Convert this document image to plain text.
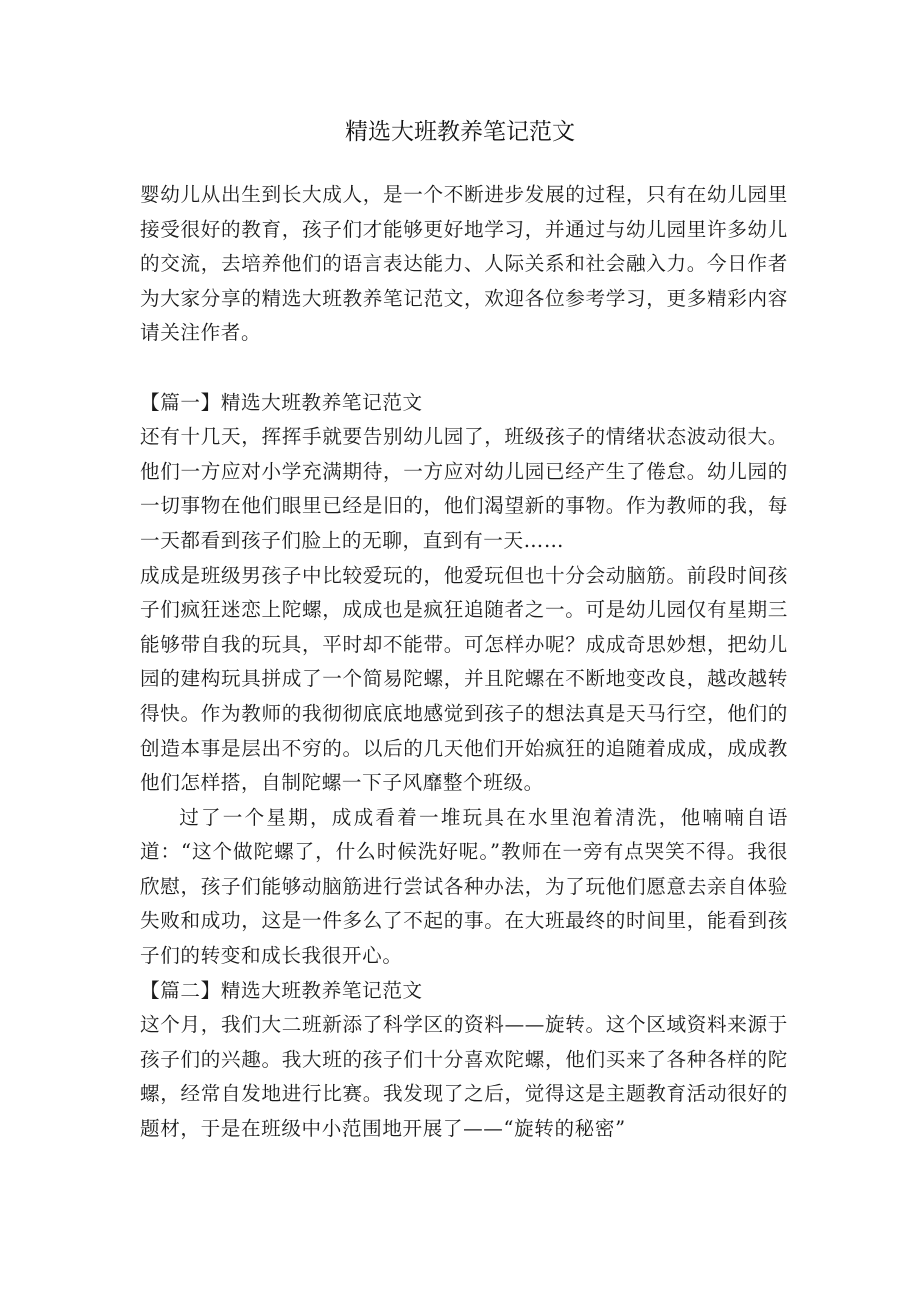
精选大班教养笔记范文

婴幼儿从出生到长大成人，是一个不断进步发展的过程，只有在幼儿园里接受很好的教育，孩子们才能够更好地学习，并通过与幼儿园里许多幼儿的交流，去培养他们的语言表达能力、人际关系和社会融入力。今日作者为大家分享的精选大班教养笔记范文，欢迎各位参考学习，更多精彩内容请关注作者。

【篇一】精选大班教养笔记范文

还有十几天，挥挥手就要告别幼儿园了，班级孩子的情绪状态波动很大。他们一方应对小学充满期待，一方应对幼儿园已经产生了倦怠。幼儿园的一切事物在他们眼里已经是旧的，他们渴望新的事物。作为教师的我，每一天都看到孩子们脸上的无聊，直到有一天……

成成是班级男孩子中比较爱玩的，他爱玩但也十分会动脑筋。前段时间孩子们疯狂迷恋上陀螺，成成也是疯狂追随者之一。可是幼儿园仅有星期三能够带自我的玩具，平时却不能带。可怎样办呢？成成奇思妙想，把幼儿园的建构玩具拼成了一个简易陀螺，并且陀螺在不断地变改良，越改越转得快。作为教师的我彻彻底底地感觉到孩子的想法真是天马行空，他们的创造本事是层出不穷的。以后的几天他们开始疯狂的追随着成成，成成教他们怎样搭，自制陀螺一下子风靡整个班级。

过了一个星期，成成看着一堆玩具在水里泡着清洗，他喃喃自语道：“这个做陀螺了，什么时候洗好呢。”教师在一旁有点哭笑不得。我很欣慰，孩子们能够动脑筋进行尝试各种办法，为了玩他们愿意去亲自体验失败和成功，这是一件多么了不起的事。在大班最终的时间里，能看到孩子们的转变和成长我很开心。

【篇二】精选大班教养笔记范文

这个月，我们大二班新添了科学区的资料——旋转。这个区域资料来源于孩子们的兴趣。我大班的孩子们十分喜欢陀螺，他们买来了各种各样的陀螺，经常自发地进行比赛。我发现了之后，觉得这是主题教育活动很好的题材，于是在班级中小范围地开展了——“旋转的秘密”
